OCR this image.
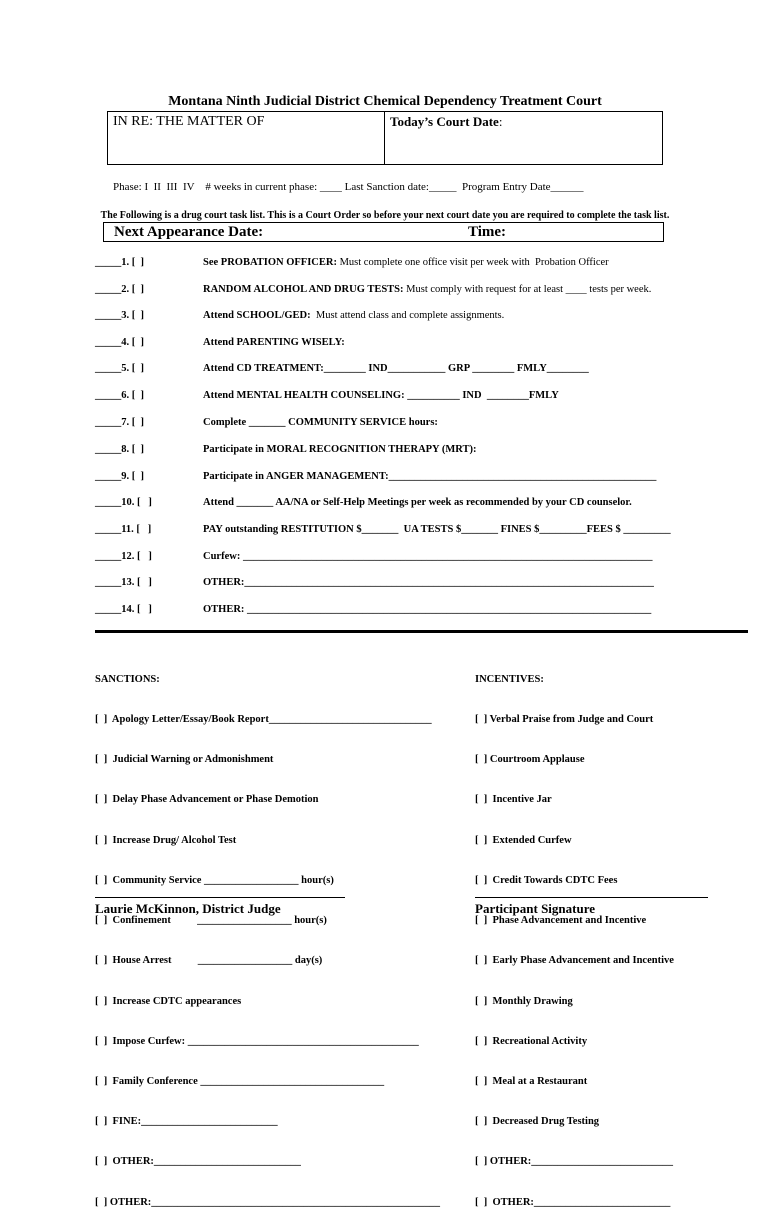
Montana Ninth Judicial District Chemical Dependency Treatment Court
IN RE: THE MATTER OF	Today’s Court Date:
Phase: I  II  III  IV    # weeks in current phase: ____ Last Sanction date:_____  Program Entry Date______
The Following is a drug court task list. This is a Court Order so before your next court date you are required to complete the task list.
Next Appearance Date:	Time:
_____1. [  ]	See PROBATION OFFICER: Must complete one office visit per week with  Probation Officer
_____2. [  ]	RANDOM ALCOHOL AND DRUG TESTS: Must comply with request for at least ____ tests per week.
_____3. [  ]	Attend SCHOOL/GED:  Must attend class and complete assignments.
_____4. [  ]	Attend PARENTING WISELY:
_____5. [  ]	Attend CD TREATMENT:________ IND___________ GRP ________ FMLY________
_____6. [  ]	Attend MENTAL HEALTH COUNSELING: __________ IND  ________FMLY
_____7. [  ]	Complete _______ COMMUNITY SERVICE hours:
_____8. [  ]	Participate in MORAL RECOGNITION THERAPY (MRT):
_____9. [  ]	Participate in ANGER MANAGEMENT:___________________________________________________
_____10. [   ]	Attend _______ AA/NA or Self-Help Meetings per week as recommended by your CD counselor.
_____11. [   ]	PAY outstanding RESTITUTION $_______  UA TESTS $_______ FINES $_________FEES $ _________
_____12. [   ]	Curfew: ______________________________________________________________________________
_____13. [   ]	OTHER:______________________________________________________________________________
_____14. [   ]	OTHER: _____________________________________________________________________________

SANCTIONS:

[  ]  Apology Letter/Essay/Book Report_______________________________

[  ]  Judicial Warning or Admonishment

[  ]  Delay Phase Advancement or Phase Demotion

[  ]  Increase Drug/ Alcohol Test

[  ]  Community Service __________________ hour(s)

[  ]  Confinement          __________________ hour(s)

[  ]  House Arrest          __________________ day(s)

[  ]  Increase CDTC appearances

[  ]  Impose Curfew: ____________________________________________

[  ]  Family Conference ___________________________________

[  ]  FINE:__________________________

[  ]  OTHER:____________________________

[  ] OTHER:_______________________________________________________

INCENTIVES:

[  ] Verbal Praise from Judge and Court

[  ] Courtroom Applause

[  ]  Incentive Jar

[  ]  Extended Curfew

[  ]  Credit Towards CDTC Fees

[  ]  Phase Advancement and Incentive

[  ]  Early Phase Advancement and Incentive

[  ]  Monthly Drawing

[  ]  Recreational Activity

[  ]  Meal at a Restaurant

[  ]  Decreased Drug Testing

[  ] OTHER:___________________________

[  ]  OTHER:__________________________

Laurie McKinnon, District Judge	Participant Signature
